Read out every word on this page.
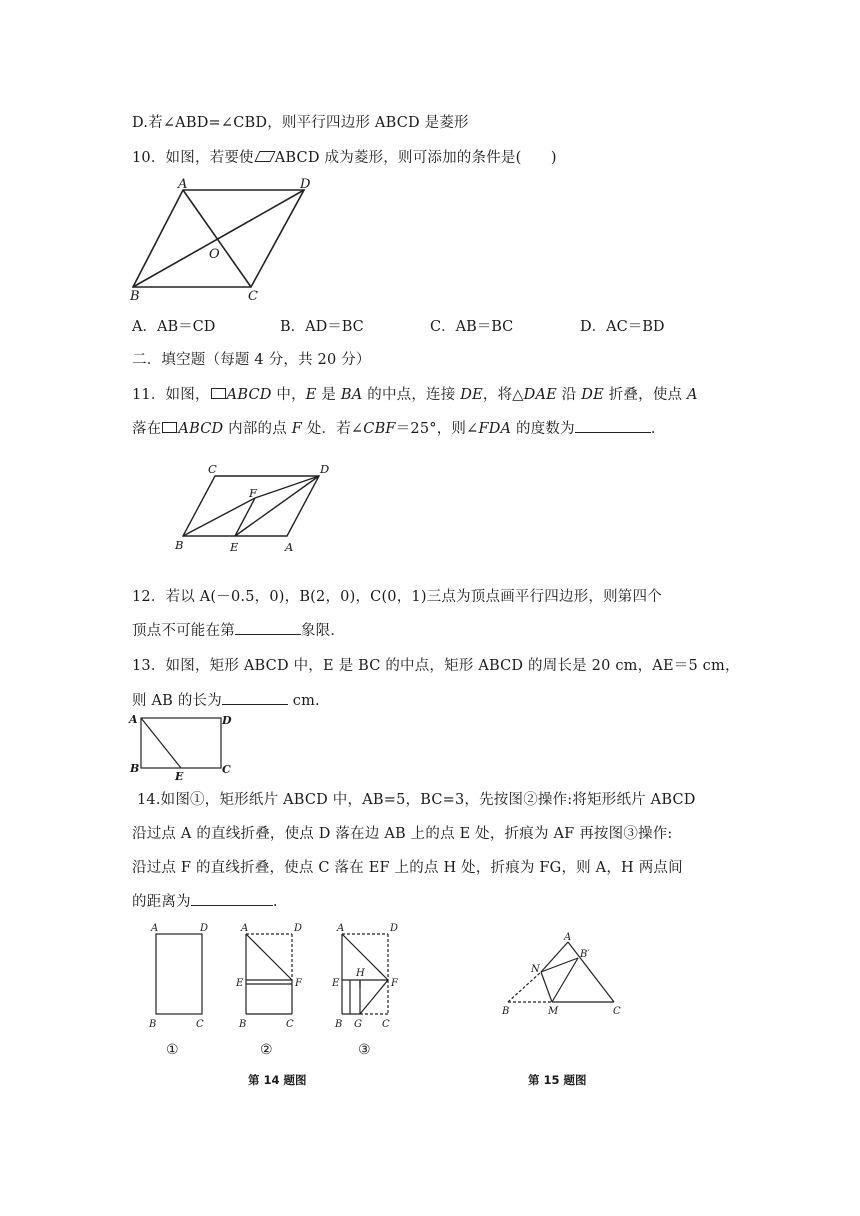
D.若∠ABD=∠CBD，则平行四边形 ABCD 是菱形
10．如图，若要使 ABCD 成为菱形，则可添加的条件是(　　)
A	D
O
B	C
A．AB＝CD	B．AD＝BC	C．AB＝BC	D．AC＝BD
二．填空题（每题 4 分，共 20 分）
11．如图， ABCD 中，E 是 BA 的中点，连接 DE，将△DAE 沿 DE 折叠，使点 A
落在 ABCD 内部的点 F 处．若∠CBF＝25°，则∠FDA 的度数为	．
C	D
F
B	E	A
12．若以 A(－0.5，0)，B(2，0)，C(0，1)三点为顶点画平行四边形，则第四个
顶点不可能在第	象限．
13．如图，矩形 ABCD 中，E 是 BC 的中点，矩形 ABCD 的周长是 20 cm，AE＝5 cm，
则 AB 的长为	cm.
A	D
B
E
C
14.如图①，矩形纸片 ABCD 中，AB=5，BC=3，先按图②操作:将矩形纸片 ABCD
沿过点 A 的直线折叠，使点 D 落在边 AB 上的点 E 处，折痕为 AF 再按图③操作:
沿过点 F 的直线折叠，使点 C 落在 EF 上的点 H 处，折痕为 FG，则 A，H 两点间
的距离为	.
A	D
B	C
①
A	D
E	F
B	C
②
A	D
H
E	F
B G C
③
第 14 题图
A
B′
N
B	M	C
第 15 题图
